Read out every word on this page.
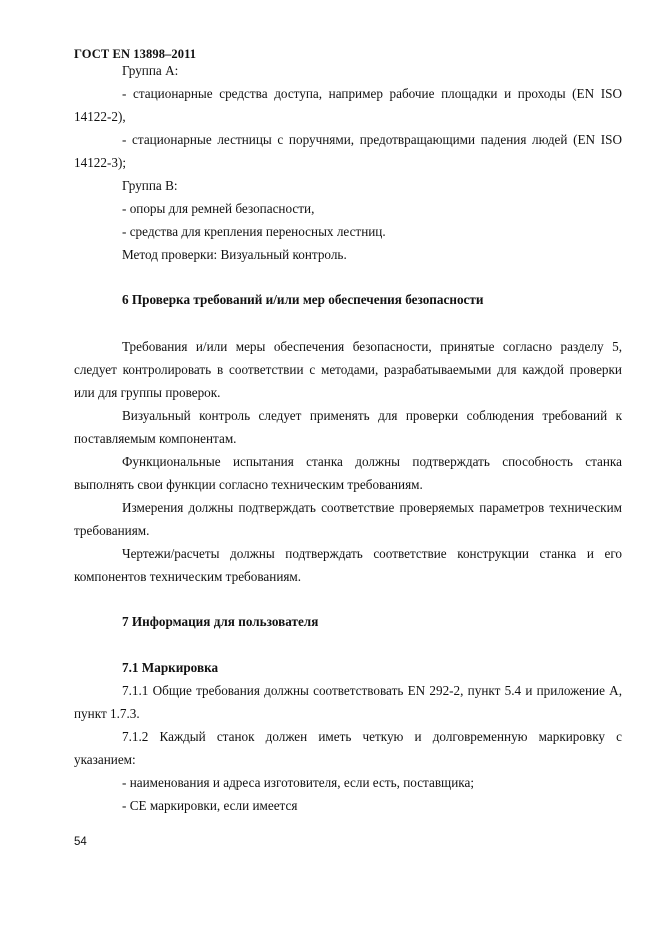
ГОСТ EN 13898–2011
Группа А:
- стационарные средства доступа, например рабочие площадки и проходы (EN ISO
14122-2),
- стационарные лестницы с поручнями, предотвращающими падения людей (EN ISO
14122-3);
Группа В:
- опоры для ремней безопасности,
- средства для крепления переносных лестниц.
Метод проверки: Визуальный контроль.
6 Проверка требований и/или мер обеспечения безопасности
Требования и/или меры обеспечения безопасности, принятые согласно разделу 5,
следует контролировать в соответствии с методами, разрабатываемыми для каждой проверки
или для группы проверок.
Визуальный контроль следует применять для проверки соблюдения требований к
поставляемым компонентам.
Функциональные испытания станка должны подтверждать способность станка
выполнять свои функции согласно техническим требованиям.
Измерения должны подтверждать соответствие проверяемых параметров техническим
требованиям.
Чертежи/расчеты должны подтверждать соответствие конструкции станка и его
компонентов техническим требованиям.
7 Информация для пользователя
7.1 Маркировка
7.1.1 Общие требования должны соответствовать EN 292-2, пункт 5.4 и приложение А,
пункт 1.7.3.
7.1.2 Каждый станок должен иметь четкую и долговременную маркировку с
указанием:
- наименования и адреса изготовителя, если есть, поставщика;
- СЕ маркировки, если имеется
54
